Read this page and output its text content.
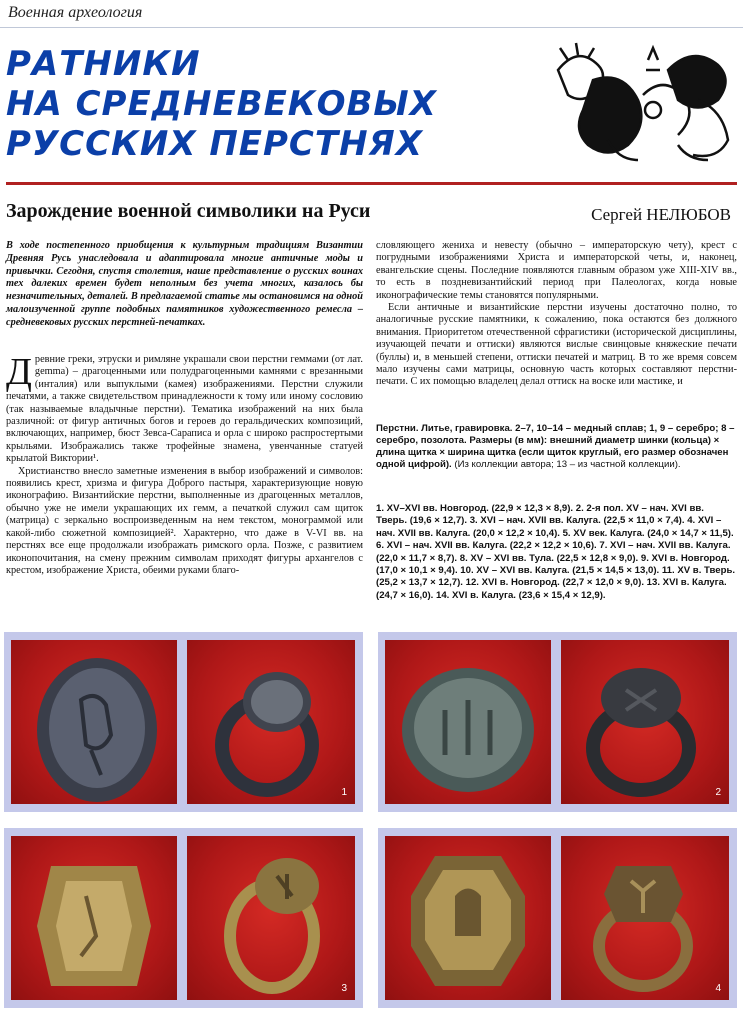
Военная археология
РАТНИКИ
НА СРЕДНЕВЕКОВЫХ
РУССКИХ ПЕРСТНЯХ
Зарождение военной символики на Руси	Сергей НЕЛЮБОВ
В ходе постепенного приобщения к культурным традициям Византии Древняя Русь унаследовала и адаптировала многие античные моды и привычки. Сегодня, спустя столетия, наше представление о русских воинах тех далеких времен будет неполным без учета многих, казалось бы незначительных, деталей. В предлагаемой статье мы остановимся на одной малоизученной группе подобных памятников художественного ремесла – средневековых русских перстней-печатках.

Древние греки, этруски и римляне украшали свои перстни геммами (от лат. gemma) – драгоценными или полудрагоценными камнями с врезанными (инталия) или выпуклыми (камея) изображениями. Перстни служили печатями, а также свидетельством принадлежности к тому или иному сословию (так называемые владычные перстни). Тематика изображений на них была различной: от фигур античных богов и героев до геральдических композиций, включающих, например, бюст Зевса-Сараписа и орла с широко распростертыми крыльями. Изображались также трофейные знамена, увенчанные статуей крылатой Виктории¹.

Христианство внесло заметные изменения в выбор изображений и символов: появились крест, хризма и фигура Доброго пастыря, характеризующие новую иконографию. Византийские перстни, выполненные из драгоценных металлов, обычно уже не имели украшающих их гемм, а печаткой служил сам щиток (матрица) с зеркально воспроизведенным на нем текстом, монограммой или какой-либо сюжетной композицией². Характерно, что даже в V-VI вв. на перстнях все еще продолжали изображать римского орла. Позже, с развитием иконопочитания, на смену прежним символам приходят фигуры архангелов с крестом, изображение Христа, обеими руками благо-

словляющего жениха и невесту (обычно – императорскую чету), крест с погрудными изображениями Христа и императорской четы, и, наконец, евангельские сцены. Последние появляются главным образом уже XIII-XIV вв., то есть в поздневизантийский период при Палеологах, когда новые иконографические темы становятся популярными.

Если античные и византийские перстни изучены достаточно полно, то аналогичные русские памятники, к сожалению, пока остаются без должного внимания. Приоритетом отечественной сфрагистики (исторической дисциплины, изучающей печати и оттиски) являются вислые свинцовые княжеские печати (буллы) и, в меньшей степени, оттиски печатей и матриц. В то же время совсем мало изучены сами матрицы, основную часть которых составляют перстни-печати. С их помощью владелец делал оттиск на воске или мастике, и

Перстни. Литье, гравировка. 2–7, 10–14 – медный сплав; 1, 9 – серебро; 8 – серебро, позолота. Размеры (в мм): внешний диаметр шинки (кольца) × длина щитка × ширина щитка (если щиток круглый, его размер обозначен одной цифрой). (Из коллекции автора; 13 – из частной коллекции).
1. XV–XVI вв. Новгород. (22,9 × 12,3 × 8,9). 2. 2-я пол. XV – нач. XVI вв. Тверь. (19,6 × 12,7). 3. XVI – нач. XVII вв. Калуга. (22,5 × 11,0 × 7,4). 4. XVI – нач. XVII вв. Калуга. (20,0 × 12,2 × 10,4). 5. XV век. Калуга. (24,0 × 14,7 × 11,5). 6. XVI – нач. XVII вв. Калуга. (22,2 × 12,2 × 10,6). 7. XVI – нач. XVII вв. Калуга. (22,0 × 11,7 × 8,7). 8. XV – XVI вв. Тула. (22,5 × 12,8 × 9,0). 9. XVI в. Новгород. (17,0 × 10,1 × 9,4). 10. XV – XVI вв. Калуга. (21,5 × 14,5 × 13,0). 11. XV в. Тверь. (25,2 × 13,7 × 12,7). 12. XVI в. Новгород. (22,7 × 12,0 × 9,0). 13. XVI в. Калуга. (24,7 × 16,0). 14. XVI в. Калуга. (23,6 × 15,4 × 12,9).
1	2
3	4
